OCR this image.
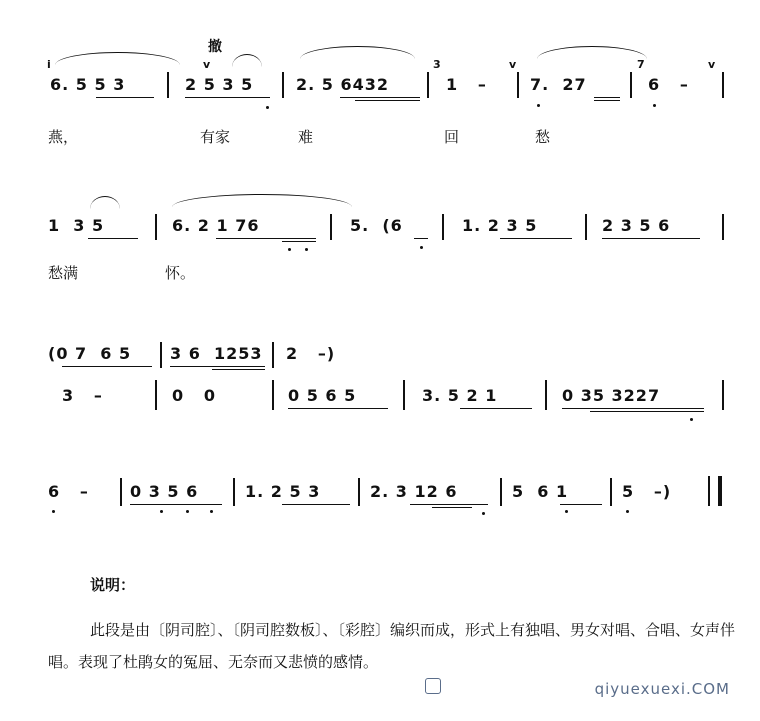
i
6. 5 5 3
撤
v
2 5 3 5	2. 5 6432
3
1   –
v
7.  27
7
6   –
v
燕，	有家	难	回	愁
1  3 5	6. 2 1 76	5.  (6	1. 2 3 5	2 3 5 6
愁满	怀。
(0 7  6 5 3 6  1253 2   –)
3   –	0   0	0 5 6 5	3. 5 2 1	0 35 3227
6   –	0 3 5 6	1. 2 5 3	2. 3 12 6	5  6 1	5   –)
说明：
此段是由〔阴司腔〕、〔阴司腔数板〕、〔彩腔〕编织而成，形式上有独唱、男女对唱、合唱、女声伴唱。表现了杜鹃女的冤屈、无奈而又悲愤的感情。
qiyuexuexi.COM
